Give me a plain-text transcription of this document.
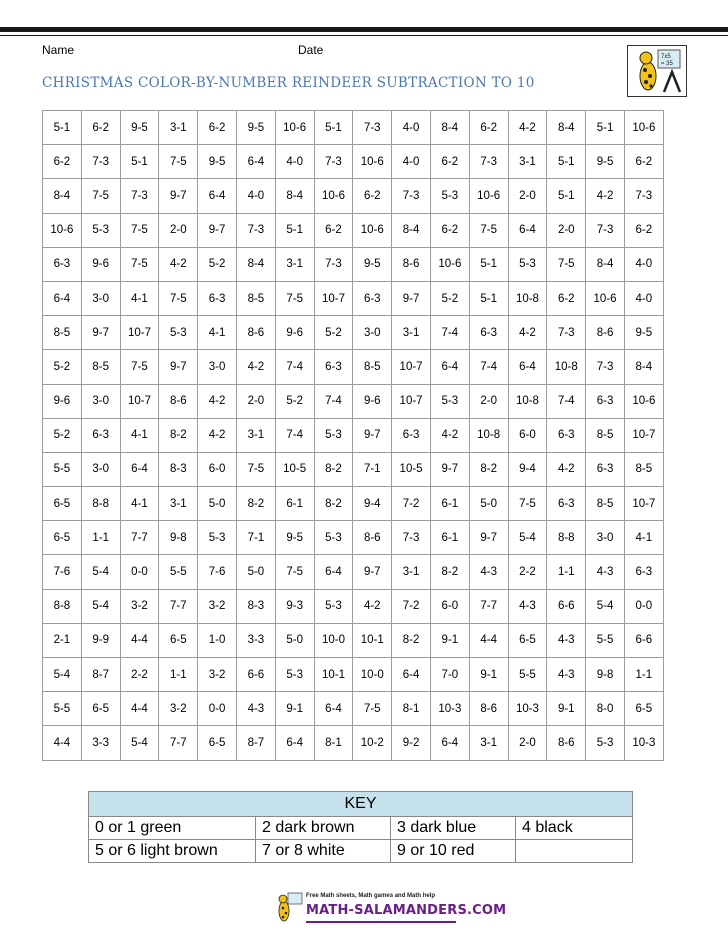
Name	Date
CHRISTMAS COLOR-BY-NUMBER REINDEER SUBTRACTION TO 10
7x5
= 35
5-1	6-2	9-5	3-1	6-2	9-5	10-6	5-1	7-3	4-0	8-4	6-2	4-2	8-4	5-1	10-6
6-2	7-3	5-1	7-5	9-5	6-4	4-0	7-3	10-6	4-0	6-2	7-3	3-1	5-1	9-5	6-2
8-4	7-5	7-3	9-7	6-4	4-0	8-4	10-6	6-2	7-3	5-3	10-6	2-0	5-1	4-2	7-3
10-6	5-3	7-5	2-0	9-7	7-3	5-1	6-2	10-6	8-4	6-2	7-5	6-4	2-0	7-3	6-2
6-3	9-6	7-5	4-2	5-2	8-4	3-1	7-3	9-5	8-6	10-6	5-1	5-3	7-5	8-4	4-0
6-4	3-0	4-1	7-5	6-3	8-5	7-5	10-7	6-3	9-7	5-2	5-1	10-8	6-2	10-6	4-0
8-5	9-7	10-7	5-3	4-1	8-6	9-6	5-2	3-0	3-1	7-4	6-3	4-2	7-3	8-6	9-5
5-2	8-5	7-5	9-7	3-0	4-2	7-4	6-3	8-5	10-7	6-4	7-4	6-4	10-8	7-3	8-4
9-6	3-0	10-7	8-6	4-2	2-0	5-2	7-4	9-6	10-7	5-3	2-0	10-8	7-4	6-3	10-6
5-2	6-3	4-1	8-2	4-2	3-1	7-4	5-3	9-7	6-3	4-2	10-8	6-0	6-3	8-5	10-7
5-5	3-0	6-4	8-3	6-0	7-5	10-5	8-2	7-1	10-5	9-7	8-2	9-4	4-2	6-3	8-5
6-5	8-8	4-1	3-1	5-0	8-2	6-1	8-2	9-4	7-2	6-1	5-0	7-5	6-3	8-5	10-7
6-5	1-1	7-7	9-8	5-3	7-1	9-5	5-3	8-6	7-3	6-1	9-7	5-4	8-8	3-0	4-1
7-6	5-4	0-0	5-5	7-6	5-0	7-5	6-4	9-7	3-1	8-2	4-3	2-2	1-1	4-3	6-3
8-8	5-4	3-2	7-7	3-2	8-3	9-3	5-3	4-2	7-2	6-0	7-7	4-3	6-6	5-4	0-0
2-1	9-9	4-4	6-5	1-0	3-3	5-0	10-0	10-1	8-2	9-1	4-4	6-5	4-3	5-5	6-6
5-4	8-7	2-2	1-1	3-2	6-6	5-3	10-1	10-0	6-4	7-0	9-1	5-5	4-3	9-8	1-1
5-5	6-5	4-4	3-2	0-0	4-3	9-1	6-4	7-5	8-1	10-3	8-6	10-3	9-1	8-0	6-5
4-4	3-3	5-4	7-7	6-5	8-7	6-4	8-1	10-2	9-2	6-4	3-1	2-0	8-6	5-3	10-3
KEY			
0 or 1 green	2 dark brown	3 dark blue	4 black
5 or 6 light brown	7 or 8 white	9 or 10 red	
Free Math sheets, Math games and Math help
MATH-SALAMANDERS.COM
